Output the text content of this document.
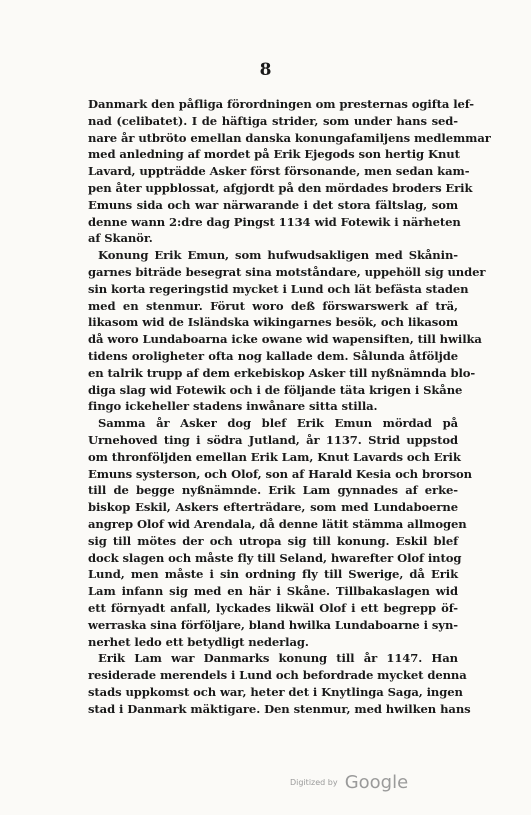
8
Danmark den påfliga förordningen om presternas ogifta lef-
nad (celibatet). I de häftiga strider, som under hans sed-
nare år utbröto emellan danska konungafamiljens medlemmar
med anledning af mordet på Erik Ejegods son hertig Knut
Lavard, uppträdde Asker först försonande, men sedan kam-
pen åter uppblossat, afgjordt på den mördades broders Erik
Emuns sida och war närwarande i det stora fältslag, som
denne wann 2:dre dag Pingst 1134 wid Fotewik i närheten
af Skanör.
Konung Erik Emun, som hufwudsakligen med Skånin-
garnes biträde besegrat sina motståndare, uppehöll sig under
sin korta regeringstid mycket i Lund och lät befästa staden
med en stenmur. Förut woro deß förswarswerk af trä,
likasom wid de Isländska wikingarnes besök, och likasom
då woro Lundaboarna icke owane wid wapensiften, till hwilka
tidens oroligheter ofta nog kallade dem. Sålunda åtföljde
en talrik trupp af dem erkebiskop Asker till nyßnämnda blo-
diga slag wid Fotewik och i de följande täta krigen i Skåne
fingo ickeheller stadens inwånare sitta stilla.
Samma år Asker dog blef Erik Emun mördad på
Urnehoved ting i södra Jutland, år 1137. Strid uppstod
om thronföljden emellan Erik Lam, Knut Lavards och Erik
Emuns systerson, och Olof, son af Harald Kesia och brorson
till de begge nyßnämnde. Erik Lam gynnades af erke-
biskop Eskil, Askers efterträdare, som med Lundaboerne
angrep Olof wid Arendala, då denne lätit stämma allmogen
sig till mötes der och utropa sig till konung. Eskil blef
dock slagen och måste fly till Seland, hwarefter Olof intog
Lund, men måste i sin ordning fly till Swerige, då Erik
Lam infann sig med en här i Skåne. Tillbakaslagen wid
ett förnyadt anfall, lyckades likwäl Olof i ett begrepp öf-
werraska sina förföljare, bland hwilka Lundaboarne i syn-
nerhet ledo ett betydligt nederlag.
Erik Lam war Danmarks konung till år 1147. Han
residerade merendels i Lund och befordrade mycket denna
stads uppkomst och war, heter det i Knytlinga Saga, ingen
stad i Danmark mäktigare. Den stenmur, med hwilken hans
Digitized by Google
